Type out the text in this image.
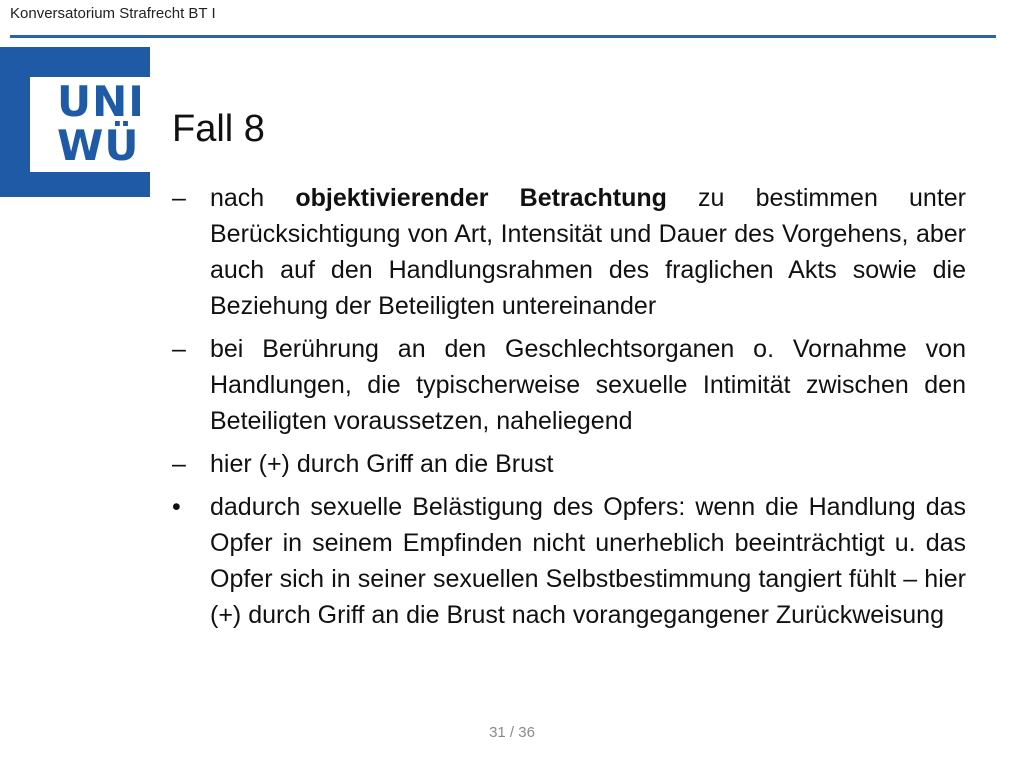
Konversatorium Strafrecht BT I
UNI
WÜ Fall 8
– nach objektivierender Betrachtung zu bestimmen unter Berücksichtigung von Art, Intensität und Dauer des Vorgehens, aber auch auf den Handlungsrahmen des fraglichen Akts sowie die Beziehung der Beteiligten untereinander
– bei Berührung an den Geschlechtsorganen o. Vornahme von Handlungen, die typischerweise sexuelle Intimität zwischen den Beteiligten voraussetzen, naheliegend
– hier (+) durch Griff an die Brust
•	dadurch sexuelle Belästigung des Opfers: wenn die Handlung das Opfer in seinem Empfinden nicht unerheblich beeinträchtigt u. das Opfer sich in seiner sexuellen Selbstbestimmung tangiert fühlt – hier (+) durch Griff an die Brust nach vorangegangener Zurückweisung
31 / 36
